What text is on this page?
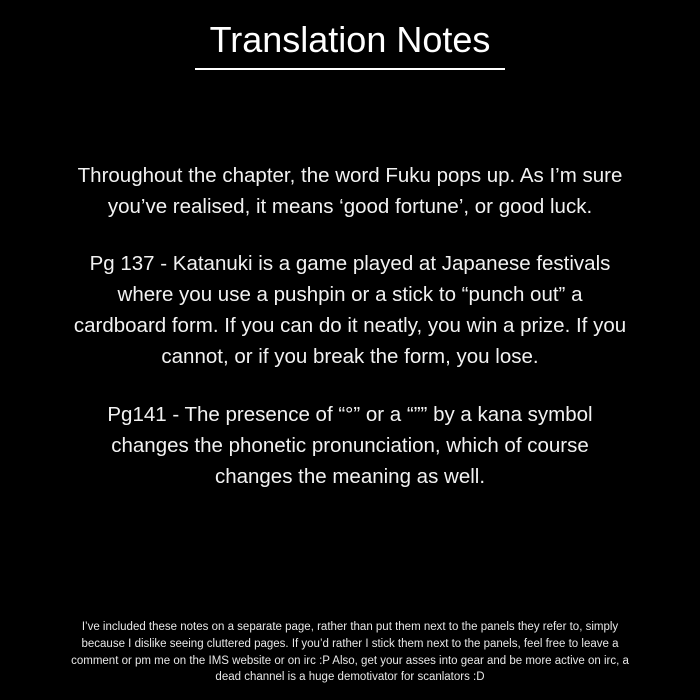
Translation Notes

Throughout the chapter, the word Fuku pops up. As I’m sure you’ve realised, it means ‘good fortune’, or good luck.

Pg 137 - Katanuki is a game played at Japanese festivals where you use a pushpin or a stick to “punch out” a cardboard form. If you can do it neatly, you win a prize. If you cannot, or if you break the form, you lose.

Pg141 - The presence of “°” or a “”” by a kana symbol changes the phonetic pronunciation, which of course changes the meaning as well.

I’ve included these notes on a separate page, rather than put them next to the panels they refer to, simply because I dislike seeing cluttered pages. If you’d rather I stick them next to the panels, feel free to leave a comment or pm me on the IMS website or on irc :P Also, get your asses into gear and be more active on irc, a dead channel is a huge demotivator for scanlators :D
